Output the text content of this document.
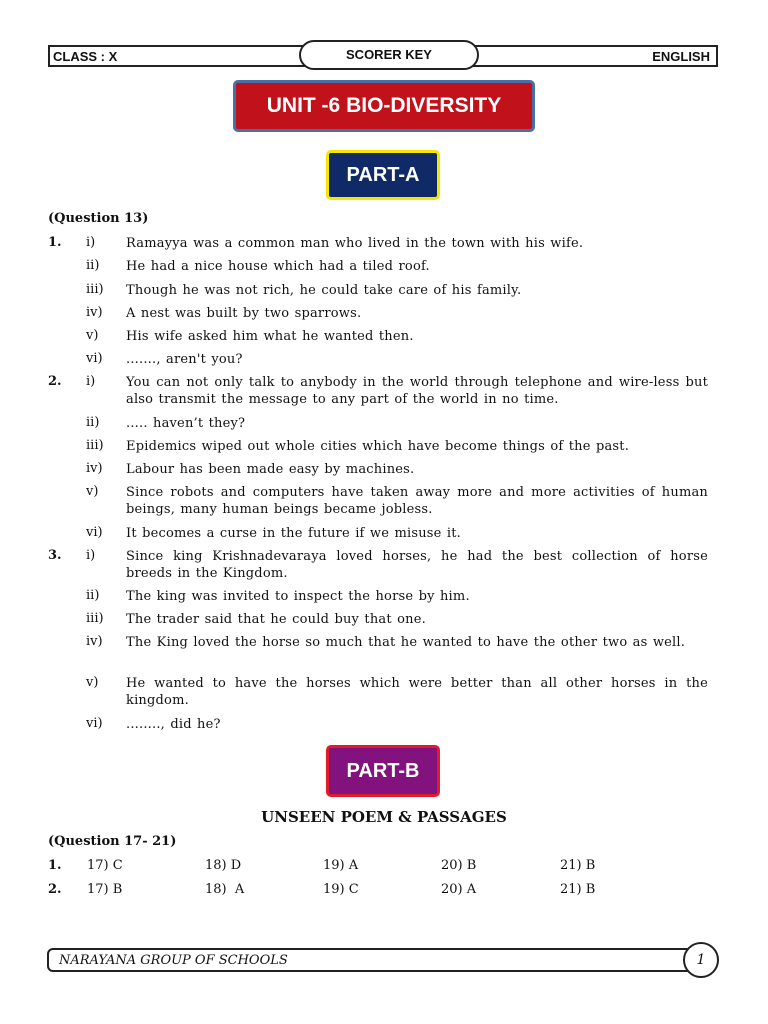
CLASS : X	ENGLISH
SCORER KEY
UNIT -6 BIO-DIVERSITY
PART-A
(Question 13)
1. i) Ramayya was a common man who lived in the town with his wife.
ii) He had a nice house which had a tiled roof.
iii) Though he was not rich, he could take care of his family.
iv) A nest was built by two sparrows.
v) His wife asked him what he wanted then.
vi) ......., aren't you?
2. i) You can not only talk to anybody in the world through telephone and wire-less but also transmit the message to any part of the world in no time.
ii) ..... haven’t they?
iii) Epidemics wiped out whole cities which have become things of the past.
iv) Labour has been made easy by machines.
v) Since robots and computers have taken away more and more activities of human beings, many human beings became jobless.
vi) It becomes a curse in the future if we misuse it.
3. i) Since king Krishnadevaraya loved horses, he had the best collection of horse breeds in the Kingdom.
ii) The king was invited to inspect the horse by him.
iii) The trader said that he could buy that one.
iv) The King loved the horse so much that he wanted to have the other two as well.
v) He wanted to have the horses which were better than all other horses in the kingdom.
vi) ........, did he?
PART-B
UNSEEN POEM & PASSAGES
(Question 17- 21)
1. 17) C	18) D	19) A	20) B	21) B
2. 17) B	18)  A	19) C	20) A	21) B
NARAYANA GROUP OF SCHOOLS	1
